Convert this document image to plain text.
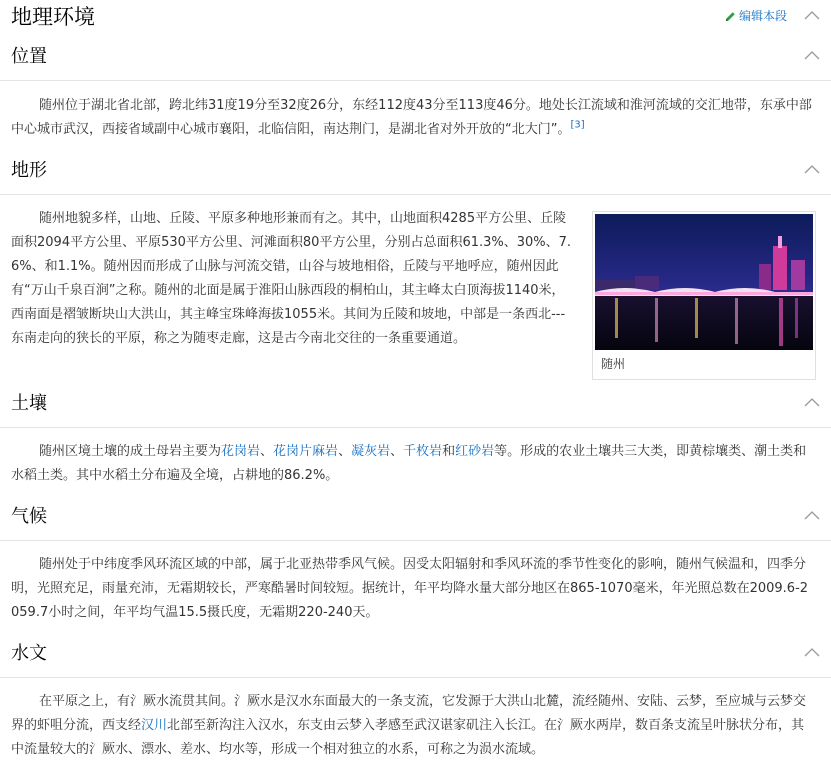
地理环境	编辑本段
位置

随州位于湖北省北部，跨北纬31度19分至32度26分，东经112度43分至113度46分。地处长江流域和淮河流域的交汇地带，东承中部中心城市武汉，西接省域副中心城市襄阳，北临信阳，南达荆门，是湖北省对外开放的“北大门”。[3]

地形

随州地貌多样，山地、丘陵、平原多种地形兼而有之。其中，山地面积4285平方公里、丘陵面积2094平方公里、平原530平方公里、河滩面积80平方公里，分别占总面积61.3%、30%、7.6%、和1.1%。随州因而形成了山脉与河流交错，山谷与坡地相俗，丘陵与平地呼应，随州因此有“万山千泉百涧”之称。随州的北面是属于淮阳山脉西段的桐柏山，其主峰太白顶海拔1140米，西南面是褶皱断块山大洪山，其主峰宝珠峰海拔1055米。其间为丘陵和坡地，中部是一条西北---东南走向的狭长的平原，称之为随枣走廊，这是古今南北交往的一条重要通道。

随州
土壤

随州区境土壤的成土母岩主要为花岗岩、花岗片麻岩、凝灰岩、千枚岩和红砂岩等。形成的农业土壤共三大类，即黄棕壤类、潮土类和水稻土类。其中水稻土分布遍及全境，占耕地的86.2%。

气候

随州处于中纬度季风环流区域的中部，属于北亚热带季风气候。因受太阳辐射和季风环流的季节性变化的影响，随州气候温和，四季分明，光照充足，雨量充沛，无霜期较长，严寒酷暑时间较短。据统计，年平均降水量大部分地区在865-1070毫米，年光照总数在2009.6-2059.7小时之间，年平均气温15.5摄氏度，无霜期220-240天。

水文

在平原之上，有氵厥水流贯其间。氵厥水是汉水东面最大的一条支流，它发源于大洪山北麓，流经随州、安陆、云梦，至应城与云梦交界的虾咀分流，西支经汉川北部至新沟注入汉水，东支由云梦入孝感至武汉谌家矶注入长江。在氵厥水两岸，数百条支流呈叶脉状分布，其中流量较大的氵厥水、漂水、差水、均水等，形成一个相对独立的水系，可称之为涢水流域。
